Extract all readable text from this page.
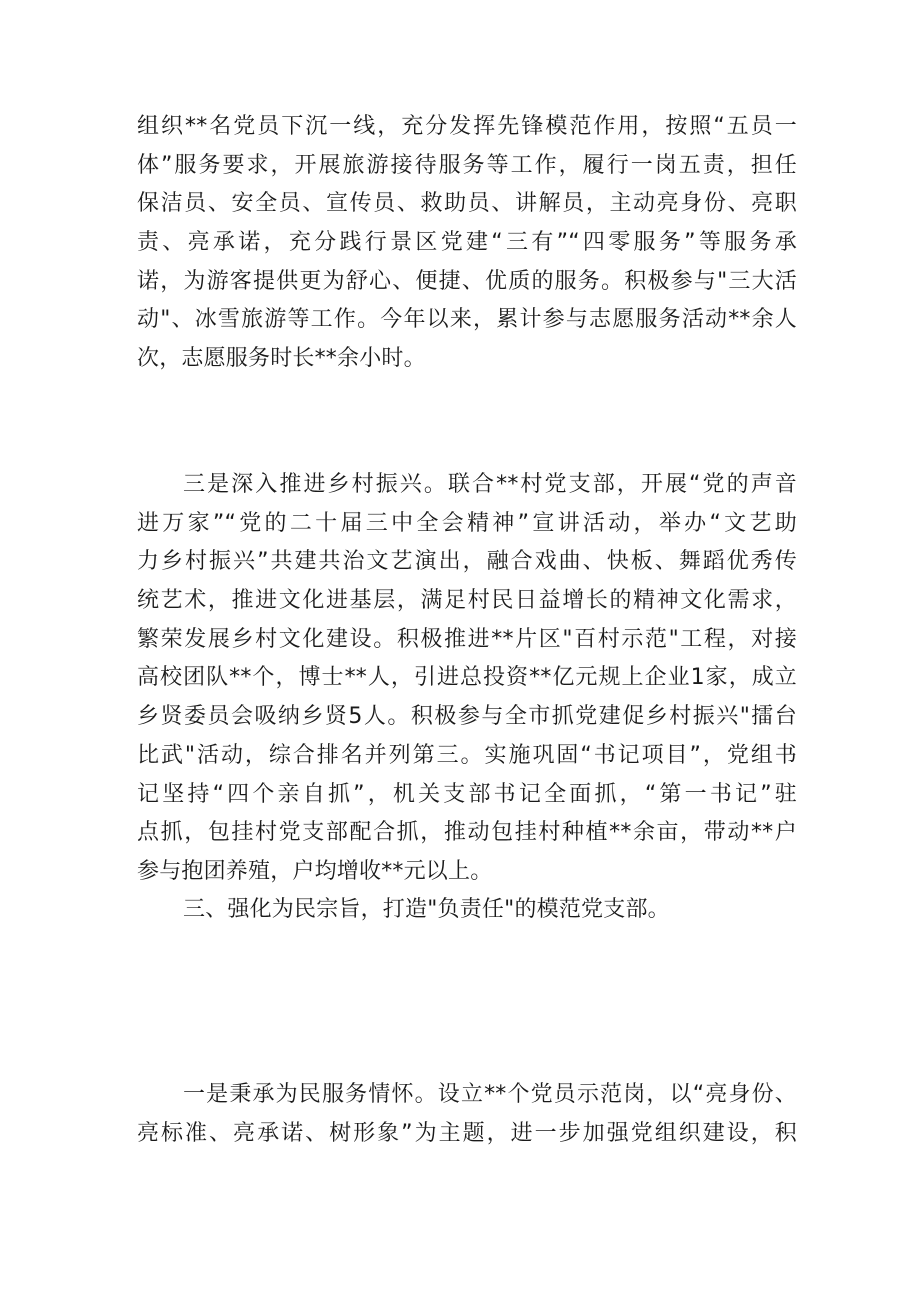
组织**名党员下沉一线，充分发挥先锋模范作用，按照“五员一
体”服务要求，开展旅游接待服务等工作，履行一岗五责，担任
保洁员、安全员、宣传员、救助员、讲解员，主动亮身份、亮职
责、亮承诺，充分践行景区党建“三有”“四零服务”等服务承
诺，为游客提供更为舒心、便捷、优质的服务。积极参与"三大活
动"、冰雪旅游等工作。今年以来，累计参与志愿服务活动**余人
次，志愿服务时长**余小时。
三是深入推进乡村振兴。联合**村党支部，开展“党的声音
进万家”“党的二十届三中全会精神”宣讲活动，举办“文艺助
力乡村振兴”共建共治文艺演出，融合戏曲、快板、舞蹈优秀传
统艺术，推进文化进基层，满足村民日益增长的精神文化需求，
繁荣发展乡村文化建设。积极推进**片区"百村示范"工程，对接
高校团队**个，博士**人，引进总投资**亿元规上企业1家，成立
乡贤委员会吸纳乡贤5人。积极参与全市抓党建促乡村振兴"擂台
比武"活动，综合排名并列第三。实施巩固“书记项目”，党组书
记坚持“四个亲自抓”，机关支部书记全面抓，“第一书记”驻
点抓，包挂村党支部配合抓，推动包挂村种植**余亩，带动**户
参与抱团养殖，户均增收**元以上。
三、强化为民宗旨，打造"负责任"的模范党支部。
一是秉承为民服务情怀。设立**个党员示范岗，以“亮身份、
亮标准、亮承诺、树形象”为主题，进一步加强党组织建设，积
